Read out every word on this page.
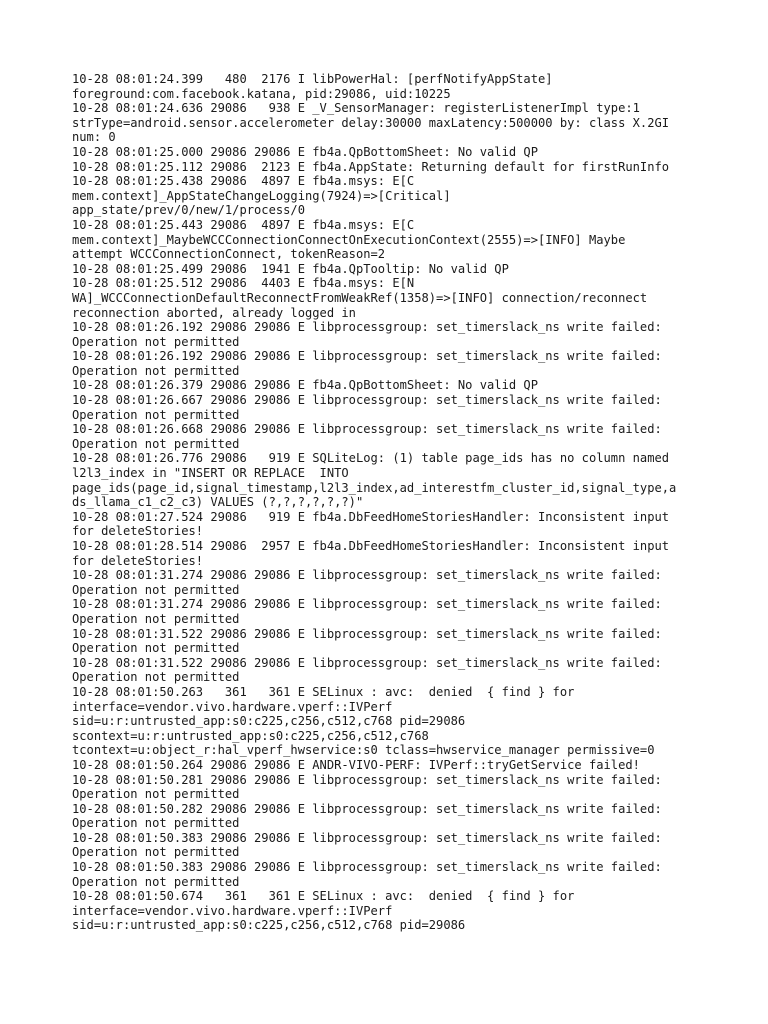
10-28 08:01:24.399   480  2176 I libPowerHal: [perfNotifyAppState]
foreground:com.facebook.katana, pid:29086, uid:10225
10-28 08:01:24.636 29086   938 E _V_SensorManager: registerListenerImpl type:1
strType=android.sensor.accelerometer delay:30000 maxLatency:500000 by: class X.2GI
num: 0
10-28 08:01:25.000 29086 29086 E fb4a.QpBottomSheet: No valid QP
10-28 08:01:25.112 29086  2123 E fb4a.AppState: Returning default for firstRunInfo
10-28 08:01:25.438 29086  4897 E fb4a.msys: E[C
mem.context]_AppStateChangeLogging(7924)=>[Critical]
app_state/prev/0/new/1/process/0
10-28 08:01:25.443 29086  4897 E fb4a.msys: E[C
mem.context]_MaybeWCCConnectionConnectOnExecutionContext(2555)=>[INFO] Maybe
attempt WCCConnectionConnect, tokenReason=2
10-28 08:01:25.499 29086  1941 E fb4a.QpTooltip: No valid QP
10-28 08:01:25.512 29086  4403 E fb4a.msys: E[N
WA]_WCCConnectionDefaultReconnectFromWeakRef(1358)=>[INFO] connection/reconnect
reconnection aborted, already logged in
10-28 08:01:26.192 29086 29086 E libprocessgroup: set_timerslack_ns write failed:
Operation not permitted
10-28 08:01:26.192 29086 29086 E libprocessgroup: set_timerslack_ns write failed:
Operation not permitted
10-28 08:01:26.379 29086 29086 E fb4a.QpBottomSheet: No valid QP
10-28 08:01:26.667 29086 29086 E libprocessgroup: set_timerslack_ns write failed:
Operation not permitted
10-28 08:01:26.668 29086 29086 E libprocessgroup: set_timerslack_ns write failed:
Operation not permitted
10-28 08:01:26.776 29086   919 E SQLiteLog: (1) table page_ids has no column named
l2l3_index in "INSERT OR REPLACE  INTO
page_ids(page_id,signal_timestamp,l2l3_index,ad_interestfm_cluster_id,signal_type,a
ds_llama_c1_c2_c3) VALUES (?,?,?,?,?,?)"
10-28 08:01:27.524 29086   919 E fb4a.DbFeedHomeStoriesHandler: Inconsistent input
for deleteStories!
10-28 08:01:28.514 29086  2957 E fb4a.DbFeedHomeStoriesHandler: Inconsistent input
for deleteStories!
10-28 08:01:31.274 29086 29086 E libprocessgroup: set_timerslack_ns write failed:
Operation not permitted
10-28 08:01:31.274 29086 29086 E libprocessgroup: set_timerslack_ns write failed:
Operation not permitted
10-28 08:01:31.522 29086 29086 E libprocessgroup: set_timerslack_ns write failed:
Operation not permitted
10-28 08:01:31.522 29086 29086 E libprocessgroup: set_timerslack_ns write failed:
Operation not permitted
10-28 08:01:50.263   361   361 E SELinux : avc:  denied  { find } for
interface=vendor.vivo.hardware.vperf::IVPerf
sid=u:r:untrusted_app:s0:c225,c256,c512,c768 pid=29086
scontext=u:r:untrusted_app:s0:c225,c256,c512,c768
tcontext=u:object_r:hal_vperf_hwservice:s0 tclass=hwservice_manager permissive=0
10-28 08:01:50.264 29086 29086 E ANDR-VIVO-PERF: IVPerf::tryGetService failed!
10-28 08:01:50.281 29086 29086 E libprocessgroup: set_timerslack_ns write failed:
Operation not permitted
10-28 08:01:50.282 29086 29086 E libprocessgroup: set_timerslack_ns write failed:
Operation not permitted
10-28 08:01:50.383 29086 29086 E libprocessgroup: set_timerslack_ns write failed:
Operation not permitted
10-28 08:01:50.383 29086 29086 E libprocessgroup: set_timerslack_ns write failed:
Operation not permitted
10-28 08:01:50.674   361   361 E SELinux : avc:  denied  { find } for
interface=vendor.vivo.hardware.vperf::IVPerf
sid=u:r:untrusted_app:s0:c225,c256,c512,c768 pid=29086
